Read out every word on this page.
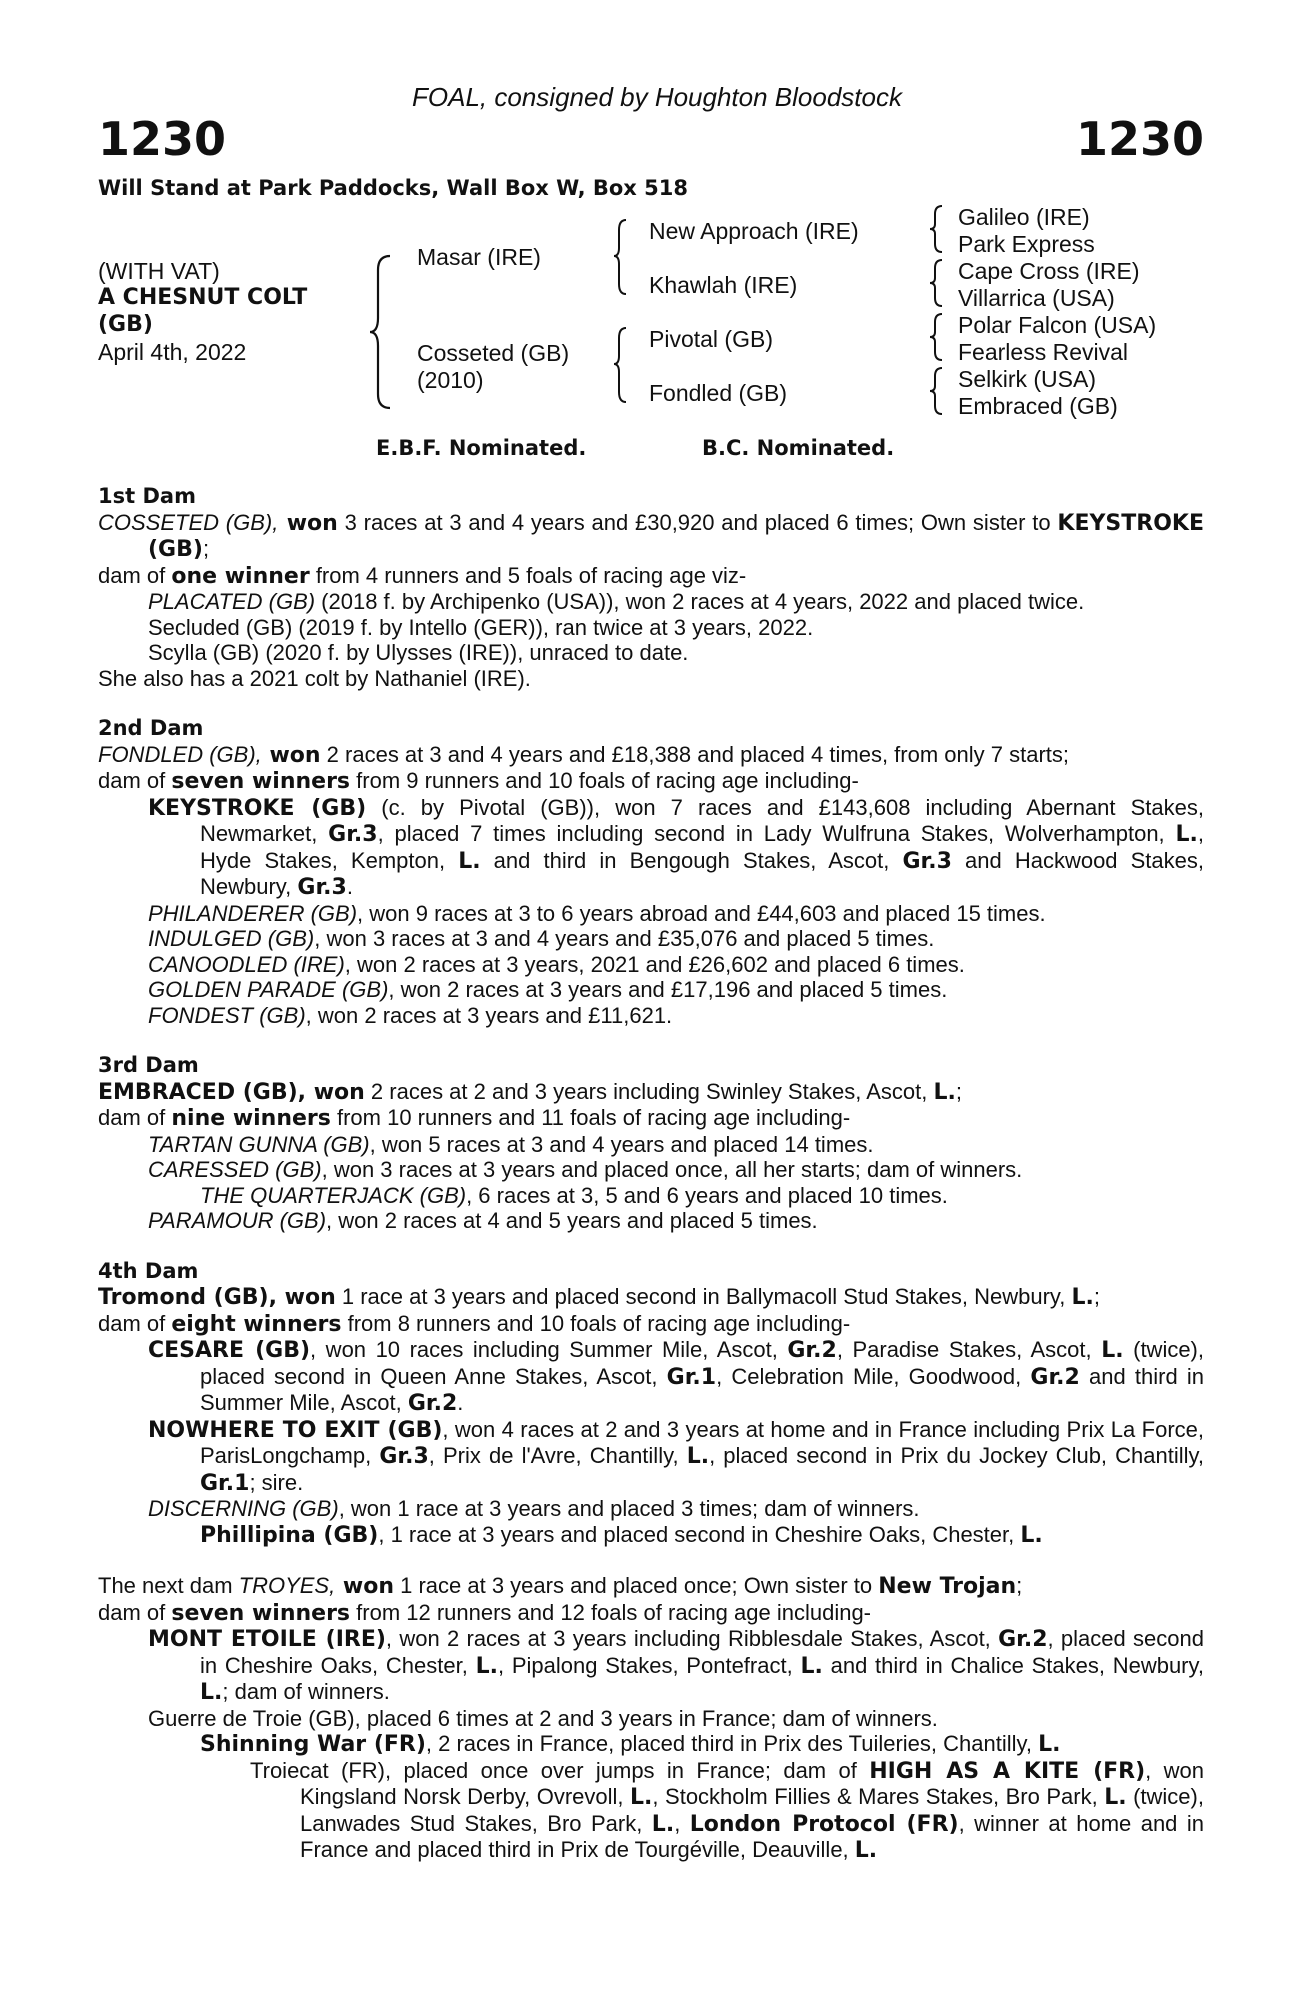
FOAL, consigned by Houghton Bloodstock
1230	1230
Will Stand at Park Paddocks, Wall Box W, Box 518
(WITH VAT)
A CHESNUT COLT
(GB)
April 4th, 2022
Masar (IRE)
Cosseted (GB)
(2010)
New Approach (IRE)
Khawlah (IRE)
Pivotal (GB)
Fondled (GB)
Galileo (IRE)
Park Express
Cape Cross (IRE)
Villarrica (USA)
Polar Falcon (USA)
Fearless Revival
Selkirk (USA)
Embraced (GB)
E.B.F. Nominated.	B.C. Nominated.
1st Dam

COSSETED (GB), won 3 races at 3 and 4 years and £30,920 and placed 6 times; Own sister to KEYSTROKE (GB);

dam of one winner from 4 runners and 5 foals of racing age viz-

PLACATED (GB) (2018 f. by Archipenko (USA)), won 2 races at 4 years, 2022 and placed twice.

Secluded (GB) (2019 f. by Intello (GER)), ran twice at 3 years, 2022.

Scylla (GB) (2020 f. by Ulysses (IRE)), unraced to date.

She also has a 2021 colt by Nathaniel (IRE).

2nd Dam

FONDLED (GB), won 2 races at 3 and 4 years and £18,388 and placed 4 times, from only 7 starts;

dam of seven winners from 9 runners and 10 foals of racing age including-

KEYSTROKE (GB) (c. by Pivotal (GB)), won 7 races and £143,608 including Abernant Stakes, Newmarket, Gr.3, placed 7 times including second in Lady Wulfruna Stakes, Wolverhampton, L., Hyde Stakes, Kempton, L. and third in Bengough Stakes, Ascot, Gr.3 and Hackwood Stakes, Newbury, Gr.3.

PHILANDERER (GB), won 9 races at 3 to 6 years abroad and £44,603 and placed 15 times.

INDULGED (GB), won 3 races at 3 and 4 years and £35,076 and placed 5 times.

CANOODLED (IRE), won 2 races at 3 years, 2021 and £26,602 and placed 6 times.

GOLDEN PARADE (GB), won 2 races at 3 years and £17,196 and placed 5 times.

FONDEST (GB), won 2 races at 3 years and £11,621.

3rd Dam

EMBRACED (GB), won 2 races at 2 and 3 years including Swinley Stakes, Ascot, L.;

dam of nine winners from 10 runners and 11 foals of racing age including-

TARTAN GUNNA (GB), won 5 races at 3 and 4 years and placed 14 times.

CARESSED (GB), won 3 races at 3 years and placed once, all her starts; dam of winners.

THE QUARTERJACK (GB), 6 races at 3, 5 and 6 years and placed 10 times.

PARAMOUR (GB), won 2 races at 4 and 5 years and placed 5 times.

4th Dam

Tromond (GB), won 1 race at 3 years and placed second in Ballymacoll Stud Stakes, Newbury, L.;

dam of eight winners from 8 runners and 10 foals of racing age including-

CESARE (GB), won 10 races including Summer Mile, Ascot, Gr.2, Paradise Stakes, Ascot, L. (twice), placed second in Queen Anne Stakes, Ascot, Gr.1, Celebration Mile, Goodwood, Gr.2 and third in Summer Mile, Ascot, Gr.2.

NOWHERE TO EXIT (GB), won 4 races at 2 and 3 years at home and in France including Prix La Force, ParisLongchamp, Gr.3, Prix de l'Avre, Chantilly, L., placed second in Prix du Jockey Club, Chantilly, Gr.1; sire.

DISCERNING (GB), won 1 race at 3 years and placed 3 times; dam of winners.

Phillipina (GB), 1 race at 3 years and placed second in Cheshire Oaks, Chester, L.

The next dam TROYES, won 1 race at 3 years and placed once; Own sister to New Trojan;

dam of seven winners from 12 runners and 12 foals of racing age including-

MONT ETOILE (IRE), won 2 races at 3 years including Ribblesdale Stakes, Ascot, Gr.2, placed second in Cheshire Oaks, Chester, L., Pipalong Stakes, Pontefract, L. and third in Chalice Stakes, Newbury, L.; dam of winners.

Guerre de Troie (GB), placed 6 times at 2 and 3 years in France; dam of winners.

Shinning War (FR), 2 races in France, placed third in Prix des Tuileries, Chantilly, L.

Troiecat (FR), placed once over jumps in France; dam of HIGH AS A KITE (FR), won Kingsland Norsk Derby, Ovrevoll, L., Stockholm Fillies & Mares Stakes, Bro Park, L. (twice), Lanwades Stud Stakes, Bro Park, L., London Protocol (FR), winner at home and in France and placed third in Prix de Tourgéville, Deauville, L.
